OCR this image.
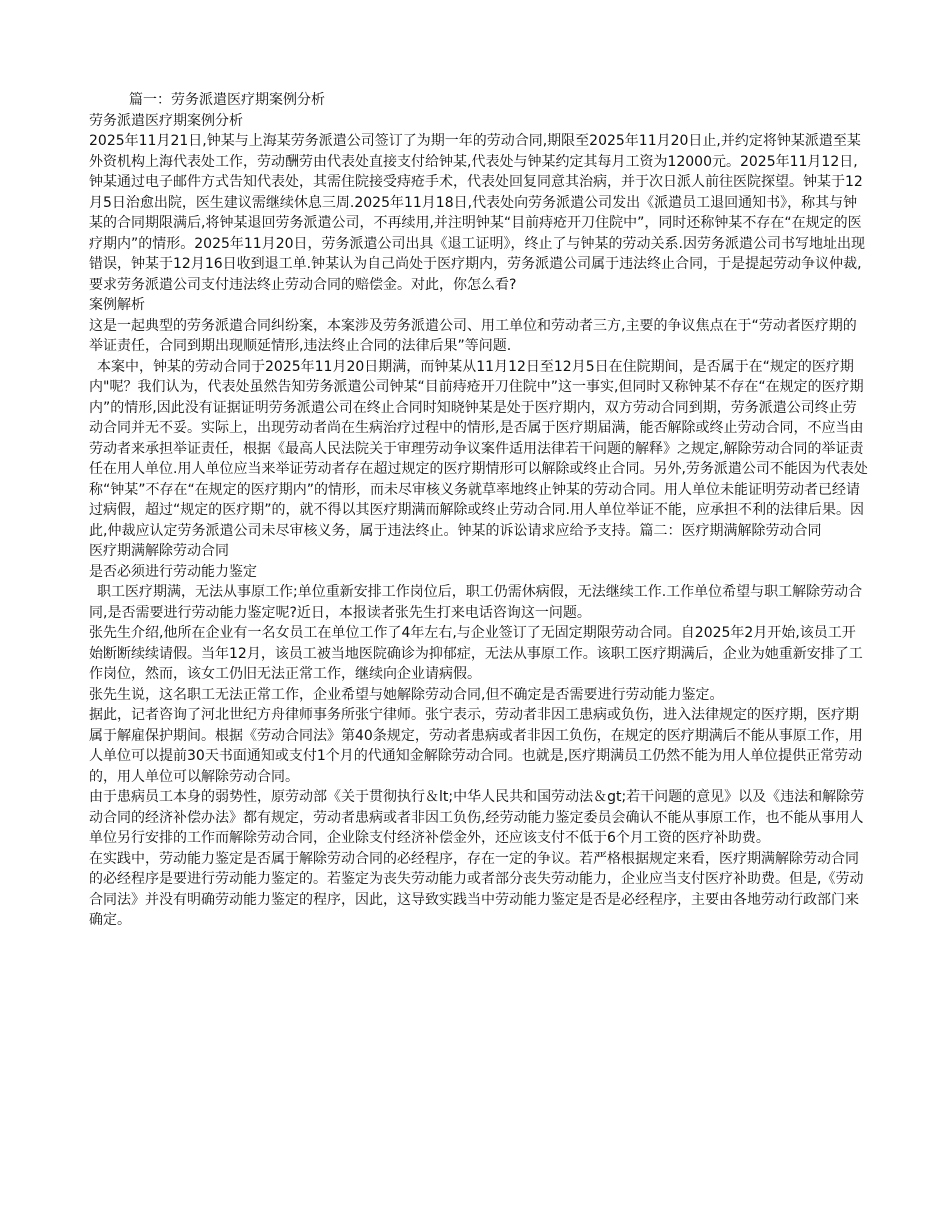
篇一：劳务派遣医疗期案例分析

劳务派遣医疗期案例分析

2025年11月21日,钟某与上海某劳务派遣公司签订了为期一年的劳动合同,期限至2025年11月20日止,并约定将钟某派遣至某外资机构上海代表处工作，劳动酬劳由代表处直接支付给钟某,代表处与钟某约定其每月工资为12000元。2025年11月12日,钟某通过电子邮件方式告知代表处，其需住院接受痔疮手术，代表处回复同意其治病，并于次日派人前往医院探望。钟某于12月5日治愈出院，医生建议需继续休息三周.2025年11月18日,代表处向劳务派遣公司发出《派遣员工退回通知书》，称其与钟某的合同期限满后,将钟某退回劳务派遣公司，不再续用,并注明钟某“目前痔疮开刀住院中”，同时还称钟某不存在“在规定的医疗期内”的情形。2025年11月20日，劳务派遣公司出具《退工证明》，终止了与钟某的劳动关系.因劳务派遣公司书写地址出现错误，钟某于12月16日收到退工单.钟某认为自己尚处于医疗期内，劳务派遣公司属于违法终止合同，于是提起劳动争议仲裁,要求劳务派遣公司支付违法终止劳动合同的赔偿金。对此，你怎么看?

案例解析

这是一起典型的劳务派遣合同纠纷案，本案涉及劳务派遣公司、用工单位和劳动者三方,主要的争议焦点在于“劳动者医疗期的举证责任，合同到期出现顺延情形,违法终止合同的法律后果”等问题.

本案中，钟某的劳动合同于2025年11月20日期满，而钟某从11月12日至12月5日在住院期间，是否属于在“规定的医疗期内"呢？我们认为，代表处虽然告知劳务派遣公司钟某“目前痔疮开刀住院中”这一事实,但同时又称钟某不存在“在规定的医疗期内”的情形,因此没有证据证明劳务派遣公司在终止合同时知晓钟某是处于医疗期内，双方劳动合同到期，劳务派遣公司终止劳动合同并无不妥。实际上，出现劳动者尚在生病治疗过程中的情形,是否属于医疗期届满，能否解除或终止劳动合同，不应当由劳动者来承担举证责任，根据《最高人民法院关于审理劳动争议案件适用法律若干问题的解释》之规定,解除劳动合同的举证责任在用人单位.用人单位应当来举证劳动者存在超过规定的医疗期情形可以解除或终止合同。另外,劳务派遣公司不能因为代表处称“钟某”不存在“在规定的医疗期内”的情形，而未尽审核义务就草率地终止钟某的劳动合同。用人单位未能证明劳动者已经请过病假，超过“规定的医疗期”的，就不得以其医疗期满而解除或终止劳动合同.用人单位举证不能，应承担不利的法律后果。因此,仲裁应认定劳务派遣公司未尽审核义务，属于违法终止。钟某的诉讼请求应给予支持。篇二：医疗期满解除劳动合同

医疗期满解除劳动合同

是否必须进行劳动能力鉴定

职工医疗期满，无法从事原工作;单位重新安排工作岗位后，职工仍需休病假，无法继续工作.工作单位希望与职工解除劳动合同,是否需要进行劳动能力鉴定呢?近日，本报读者张先生打来电话咨询这一问题。

张先生介绍,他所在企业有一名女员工在单位工作了4年左右,与企业签订了无固定期限劳动合同。自2025年2月开始,该员工开始断断续续请假。当年12月，该员工被当地医院确诊为抑郁症，无法从事原工作。该职工医疗期满后，企业为她重新安排了工作岗位，然而，该女工仍旧无法正常工作，继续向企业请病假。

张先生说，这名职工无法正常工作，企业希望与她解除劳动合同,但不确定是否需要进行劳动能力鉴定。

据此，记者咨询了河北世纪方舟律师事务所张宁律师。张宁表示，劳动者非因工患病或负伤，进入法律规定的医疗期，医疗期属于解雇保护期间。根据《劳动合同法》第40条规定，劳动者患病或者非因工负伤，在规定的医疗期满后不能从事原工作，用人单位可以提前30天书面通知或支付1个月的代通知金解除劳动合同。也就是,医疗期满员工仍然不能为用人单位提供正常劳动的，用人单位可以解除劳动合同。

由于患病员工本身的弱势性，原劳动部《关于贯彻执行＆lt;中华人民共和国劳动法＆gt;若干问题的意见》以及《违法和解除劳动合同的经济补偿办法》都有规定，劳动者患病或者非因工负伤,经劳动能力鉴定委员会确认不能从事原工作，也不能从事用人单位另行安排的工作而解除劳动合同，企业除支付经济补偿金外，还应该支付不低于6个月工资的医疗补助费。

在实践中，劳动能力鉴定是否属于解除劳动合同的必经程序，存在一定的争议。若严格根据规定来看，医疗期满解除劳动合同的必经程序是要进行劳动能力鉴定的。若鉴定为丧失劳动能力或者部分丧失劳动能力，企业应当支付医疗补助费。但是,《劳动合同法》并没有明确劳动能力鉴定的程序，因此，这导致实践当中劳动能力鉴定是否是必经程序，主要由各地劳动行政部门来确定。
